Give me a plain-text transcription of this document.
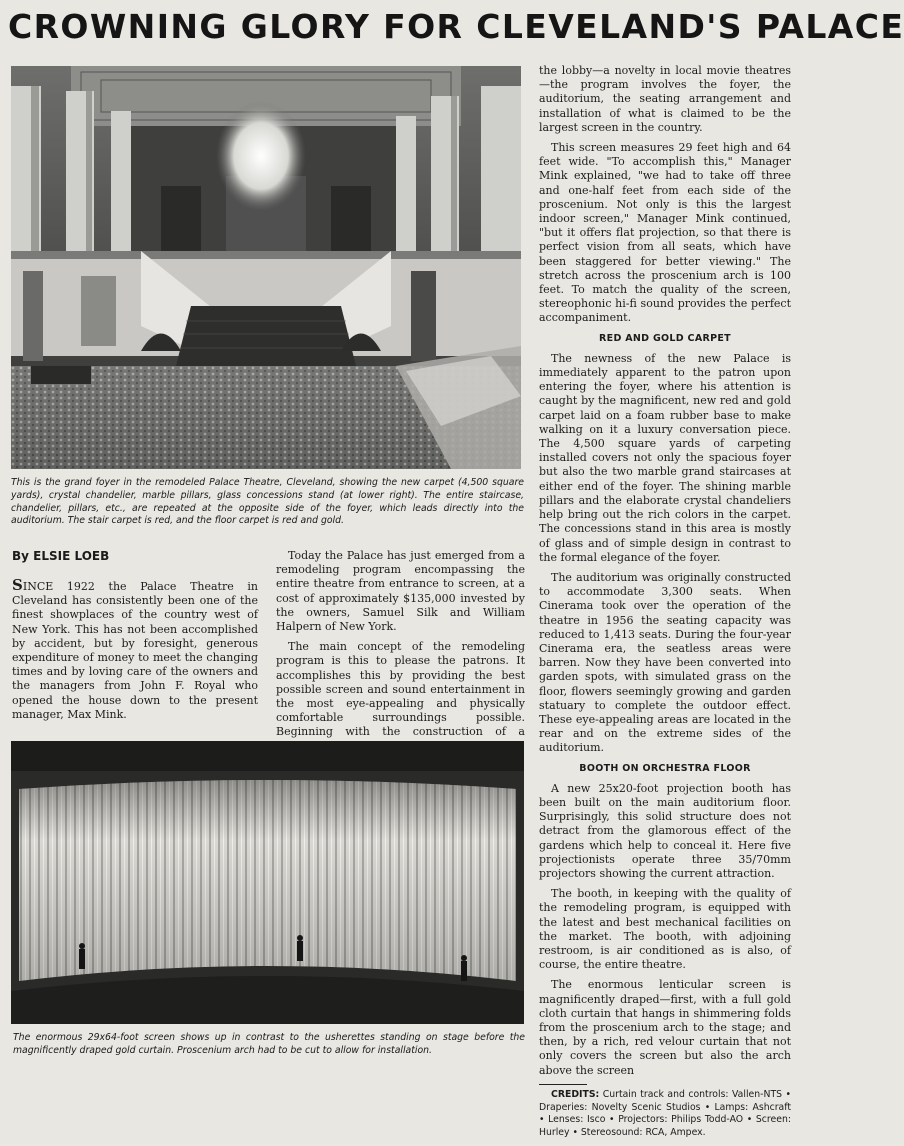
CROWNING GLORY FOR CLEVELAND'S PALACE
This is the grand foyer in the remodeled Palace Theatre, Cleveland, showing the new carpet (4,500 square yards), crystal chandelier, marble pillars, glass concessions stand (at lower right). The entire staircase, chandelier, pillars, etc., are repeated at the opposite side of the foyer, which leads directly into the auditorium. The stair carpet is red, and the floor carpet is red and gold.
By ELSIE LOEB

SINCE 1922 the Palace Theatre in Cleveland has consistently been one of the finest showplaces of the country west of New York. This has not been accomplished by accident, but by foresight, generous expenditure of money to meet the changing times and by loving care of the owners and the managers from John F. Royal who opened the house down to the present manager, Max Mink.

Today the Palace has just emerged from a remodeling program encompassing the entire theatre from entrance to screen, at a cost of approximately $135,000 invested by the owners, Samuel Silk and William Halpern of New York.

The main concept of the remodeling program is this to please the patrons. It accomplishes this by providing the best possible screen and sound entertainment in the most eye-appealing and physically comfortable surroundings possible. Beginning with the construction of a

The enormous 29x64-foot screen shows up in contrast to the usherettes standing on stage before the magnificently draped gold curtain. Proscenium arch had to be cut to allow for installation.

the lobby—a novelty in local movie theatres—the program involves the foyer, the auditorium, the seating arrangement and installation of what is claimed to be the largest screen in the country.

This screen measures 29 feet high and 64 feet wide. "To accomplish this," Manager Mink explained, "we had to take off three and one-half feet from each side of the proscenium. Not only is this the largest indoor screen," Manager Mink continued, "but it offers flat projection, so that there is perfect vision from all seats, which have been staggered for better viewing." The stretch across the proscenium arch is 100 feet. To match the quality of the screen, stereophonic hi-fi sound provides the perfect accompaniment.

RED AND GOLD CARPET

The newness of the new Palace is immediately apparent to the patron upon entering the foyer, where his attention is caught by the magnificent, new red and gold carpet laid on a foam rubber base to make walking on it a luxury conversation piece. The 4,500 square yards of carpeting installed covers not only the spacious foyer but also the two marble grand staircases at either end of the foyer. The shining marble pillars and the elaborate crystal chandeliers help bring out the rich colors in the carpet. The concessions stand in this area is mostly of glass and of simple design in contrast to the formal elegance of the foyer.

The auditorium was originally constructed to accommodate 3,300 seats. When Cinerama took over the operation of the theatre in 1956 the seating capacity was reduced to 1,413 seats. During the four-year Cinerama era, the seatless areas were barren. Now they have been converted into garden spots, with simulated grass on the floor, flowers seemingly growing and garden statuary to complete the outdoor effect. These eye-appealing areas are located in the rear and on the extreme sides of the auditorium.

BOOTH ON ORCHESTRA FLOOR

A new 25x20-foot projection booth has been built on the main auditorium floor. Surprisingly, this solid structure does not detract from the glamorous effect of the gardens which help to conceal it. Here five projectionists operate three 35/70mm projectors showing the current attraction.

The booth, in keeping with the quality of the remodeling program, is equipped with the latest and best mechanical facilities on the market. The booth, with adjoining restroom, is air conditioned as is also, of course, the entire theatre.

The enormous lenticular screen is magnificently draped—first, with a full gold cloth curtain that hangs in shimmering folds from the proscenium arch to the stage; and then, by a rich, red velour curtain that not only covers the screen but also the arch above the screen

CREDITS: Curtain track and controls: Vallen-NTS • Draperies: Novelty Scenic Studios • Lamps: Ashcraft • Lenses: Isco • Projectors: Philips Todd-AO • Screen: Hurley • Stereosound: RCA, Ampex.
